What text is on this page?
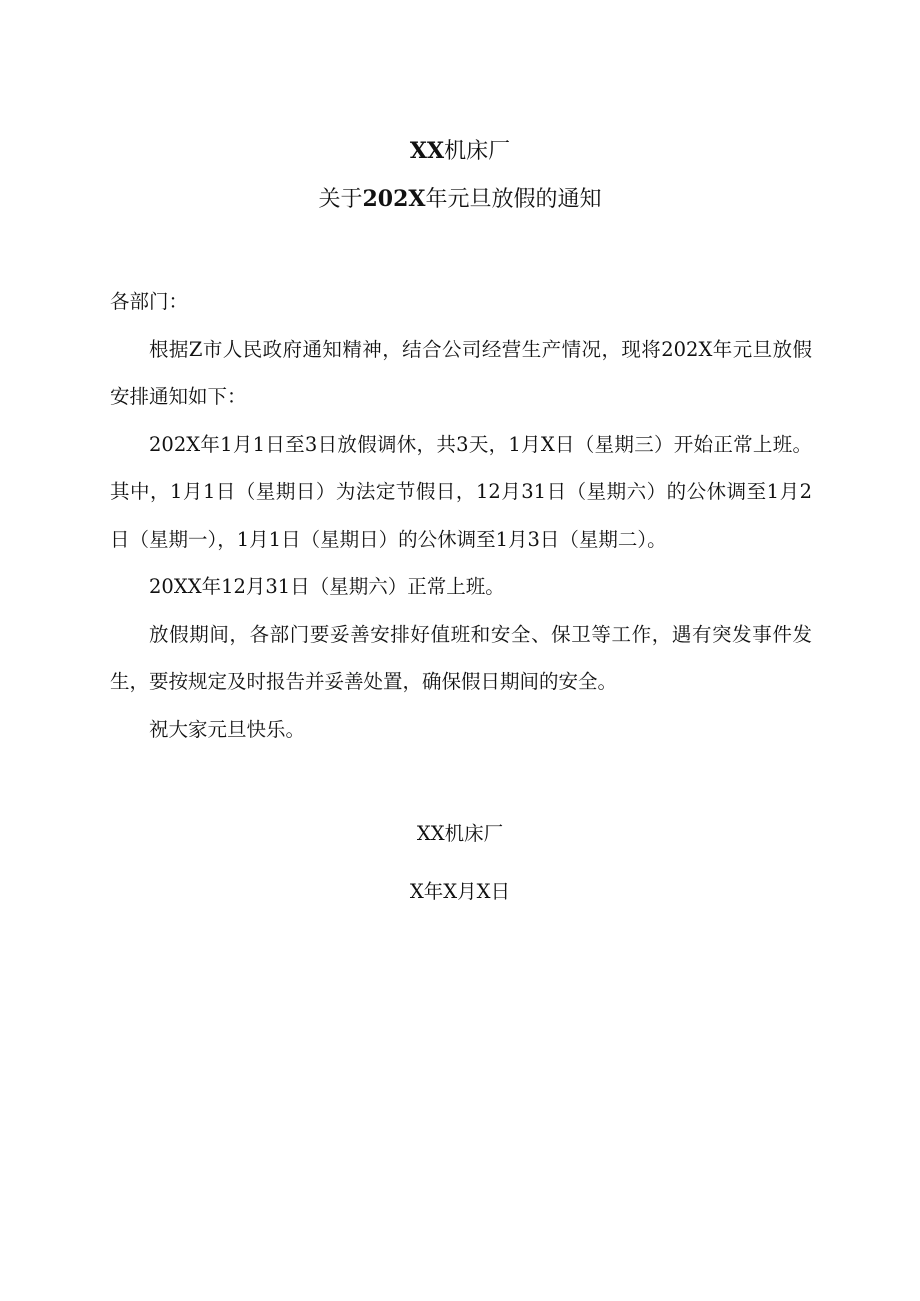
XX机床厂
关于202X年元旦放假的通知

各部门：

根据Z市人民政府通知精神，结合公司经营生产情况，现将202X年元旦放假安排通知如下：

202X年1月1日至3日放假调休，共3天，1月X日（星期三）开始正常上班。其中，1月1日（星期日）为法定节假日，12月31日（星期六）的公休调至1月2日（星期一），1月1日（星期日）的公休调至1月3日（星期二）。

20XX年12月31日（星期六）正常上班。

放假期间，各部门要妥善安排好值班和安全、保卫等工作，遇有突发事件发生，要按规定及时报告并妥善处置，确保假日期间的安全。

祝大家元旦快乐。

XX机床厂
X年X月X日
